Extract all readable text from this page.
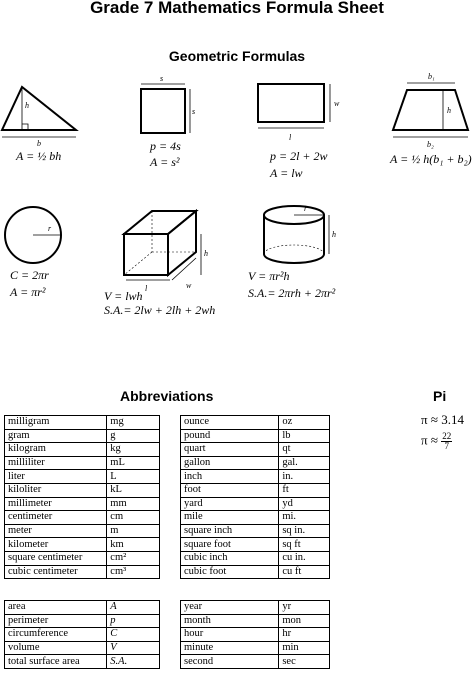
Grade 7 Mathematics Formula Sheet
Geometric Formulas
h
b
A = ½ bh
s
s
p = 4s
A = s²
w
l
p = 2l + 2w
A = lw
b₁
h
b₂
A = ½ h(b₁ + b₂)
r
C = 2πr
A = πr²
h
l	w
V = lwh
S.A.= 2lw + 2lh + 2wh
r
h
V = πr²h
S.A.= 2πrh + 2πr²
Abbreviations	Pi
π ≈ 3.14
$\pi \approx \frac{22}{7}$
milligram	mg
gram	g
kilogram	kg
milliliter	mL
liter	L
kiloliter	kL
millimeter	mm
centimeter	cm
meter	m
kilometer	km
square centimeter	cm²
cubic centimeter	cm³
ounce	oz
pound	lb
quart	qt
gallon	gal.
inch	in.
foot	ft
yard	yd
mile	mi.
square inch	sq in.
square foot	sq ft
cubic inch	cu in.
cubic foot	cu ft
area	A
perimeter	p
circumference	C
volume	V
total surface area	S.A.
year	yr
month	mon
hour	hr
minute	min
second	sec
